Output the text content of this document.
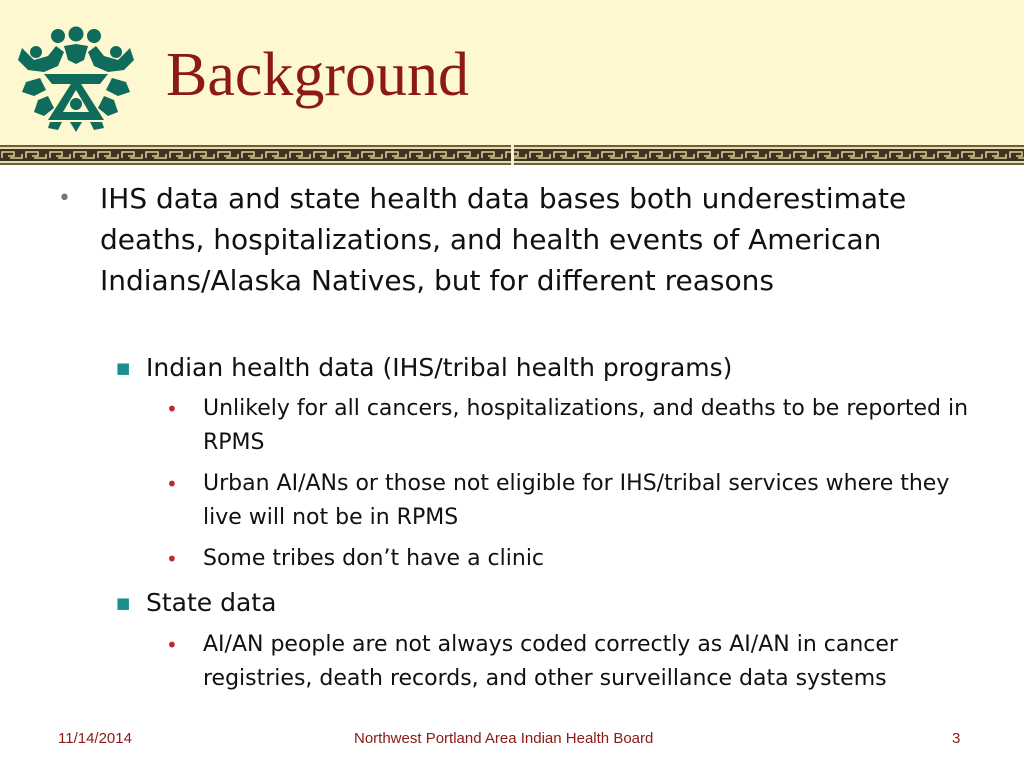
Background
•	IHS data and state health data bases both underestimate deaths, hospitalizations, and health events of American Indians/Alaska Natives, but for different reasons
■ Indian health data (IHS/tribal health programs)
•	Unlikely for all cancers, hospitalizations, and deaths to be reported in RPMS
•	Urban AI/ANs or those not eligible for IHS/tribal services where they live will not be in RPMS
•	Some tribes don’t have a clinic
■ State data
•	AI/AN people are not always coded correctly as AI/AN in cancer registries, death records, and other surveillance data systems
11/14/2014	Northwest Portland Area Indian Health Board	3
